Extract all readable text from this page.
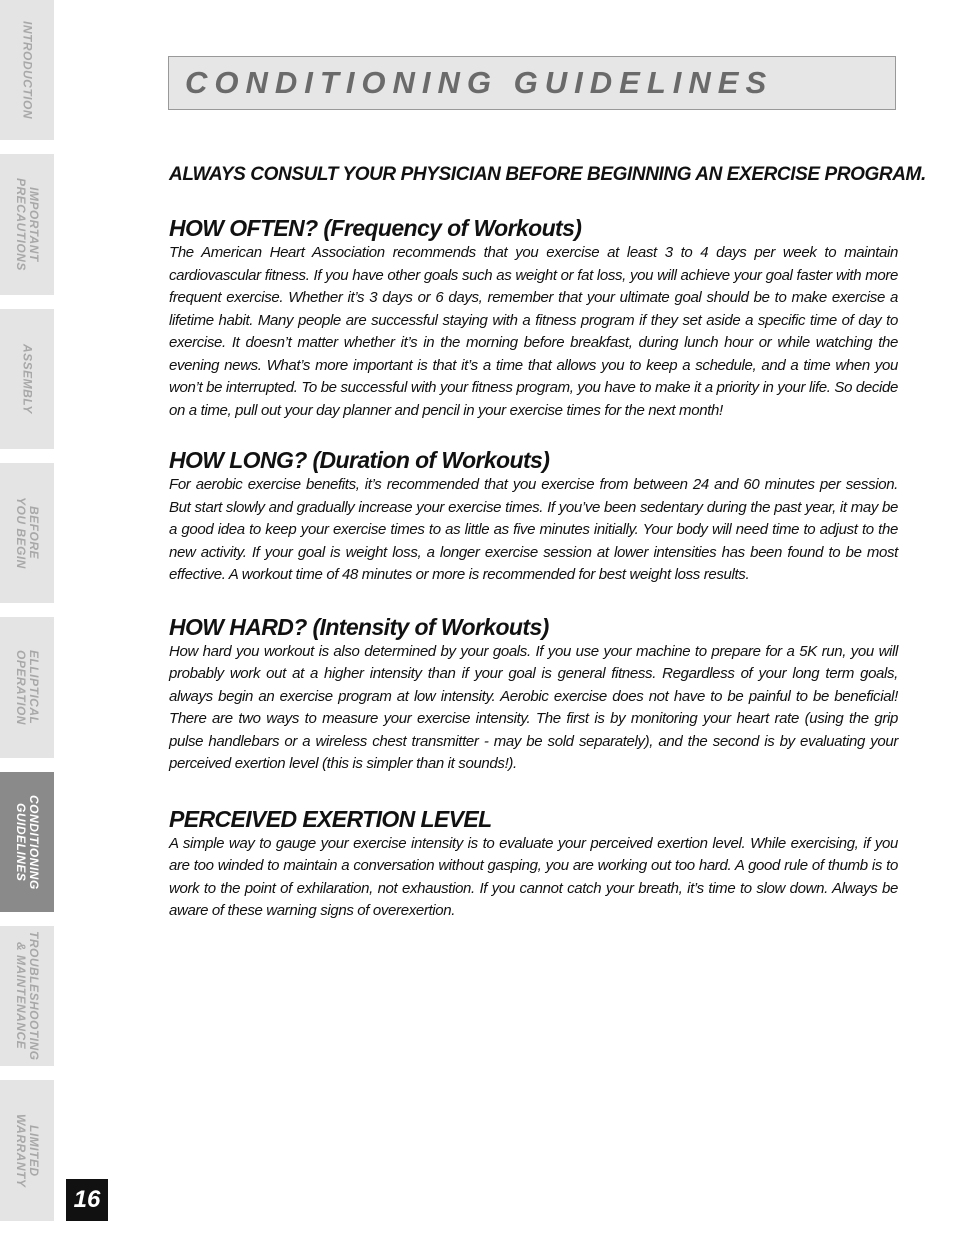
INTRODUCTION
IMPORTANT
PRECAUTIONS
ASSEMBLY
BEFORE
YOU BEGIN
ELLIPTICAL
OPERATION
CONDITIONING
GUIDELINES
TROUBLESHOOTING
& MAINTENANCE
LIMITED
WARRANTY
16
CONDITIONING GUIDELINES
ALWAYS CONSULT YOUR PHYSICIAN BEFORE BEGINNING AN EXERCISE PROGRAM.
HOW OFTEN? (Frequency of Workouts)

The American Heart Association recommends that you exercise at least 3 to 4 days per week to maintain cardiovascular fitness. If you have other goals such as weight or fat loss, you will achieve your goal faster with more frequent exercise. Whether it’s 3 days or 6 days, remember that your ultimate goal should be to make exercise a lifetime habit. Many people are successful staying with a fitness program if they set aside a specific time of day to exercise. It doesn’t matter whether it’s in the morning before breakfast, during lunch hour or while watching the evening news. What’s more important is that it’s a time that allows you to keep a schedule, and a time when you won’t be interrupted. To be successful with your fitness program, you have to make it a priority in your life. So decide on a time, pull out your day planner and pencil in your exercise times for the next month!

HOW LONG? (Duration of Workouts)

For aerobic exercise benefits, it’s recommended that you exercise from between 24 and 60 minutes per session. But start slowly and gradually increase your exercise times. If you’ve been sedentary during the past year, it may be a good idea to keep your exercise times to as little as five minutes initially. Your body will need time to adjust to the new activity. If your goal is weight loss, a longer exercise session at lower intensities has been found to be most effective. A workout time of 48 minutes or more is recommended for best weight loss results.

HOW HARD? (Intensity of Workouts)

How hard you workout is also determined by your goals. If you use your machine to prepare for a 5K run, you will probably work out at a higher intensity than if your goal is general fitness. Regardless of your long term goals, always begin an exercise program at low intensity. Aerobic exercise does not have to be painful to be beneficial! There are two ways to measure your exercise intensity. The first is by monitoring your heart rate (using the grip pulse handlebars or a wireless chest transmitter - may be sold separately), and the second is by evaluating your perceived exertion level (this is simpler than it sounds!).

PERCEIVED EXERTION LEVEL

A simple way to gauge your exercise intensity is to evaluate your perceived exertion level. While exercising, if you are too winded to maintain a conversation without gasping, you are working out too hard. A good rule of thumb is to work to the point of exhilaration, not exhaustion. If you cannot catch your breath, it’s time to slow down. Always be aware of these warning signs of overexertion.
